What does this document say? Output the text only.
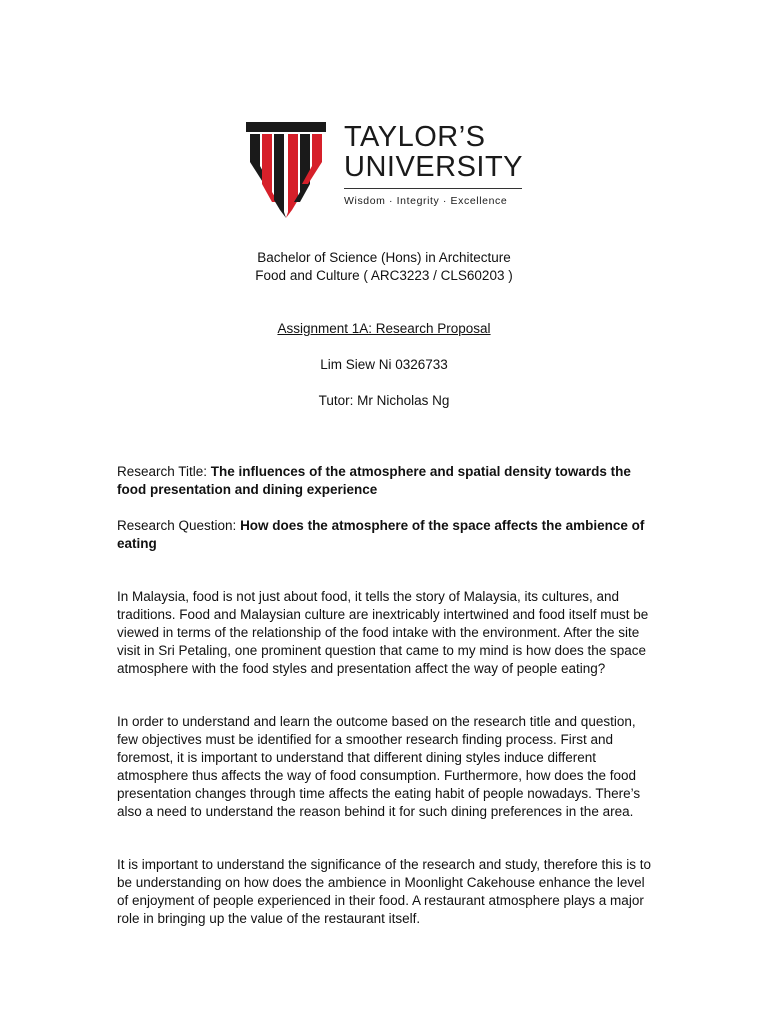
TAYLOR’S
UNIVERSITY
Wisdom · Integrity · Excellence

Bachelor of Science (Hons) in Architecture

Food and Culture ( ARC3223 / CLS60203 )

Assignment 1A: Research Proposal

Lim Siew Ni 0326733

Tutor: Mr Nicholas Ng

Research Title: The influences of the atmosphere and spatial density towards the food presentation and dining experience

Research Question: How does the atmosphere of the space affects the ambience of eating

In Malaysia, food is not just about food, it tells the story of Malaysia, its cultures, and traditions. Food and Malaysian culture are inextricably intertwined and food itself must be viewed in terms of the relationship of the food intake with the environment. After the site visit in Sri Petaling, one prominent question that came to my mind is how does the space atmosphere with the food styles and presentation affect the way of people eating?

In order to understand and learn the outcome based on the research title and question, few objectives must be identified for a smoother research finding process. First and foremost, it is important to understand that different dining styles induce different atmosphere thus affects the way of food consumption. Furthermore, how does the food presentation changes through time affects the eating habit of people nowadays. There’s also a need to understand the reason behind it for such dining preferences in the area.

It is important to understand the significance of the research and study, therefore this is to be understanding on how does the ambience in Moonlight Cakehouse enhance the level of enjoyment of people experienced in their food. A restaurant atmosphere plays a major role in bringing up the value of the restaurant itself.
